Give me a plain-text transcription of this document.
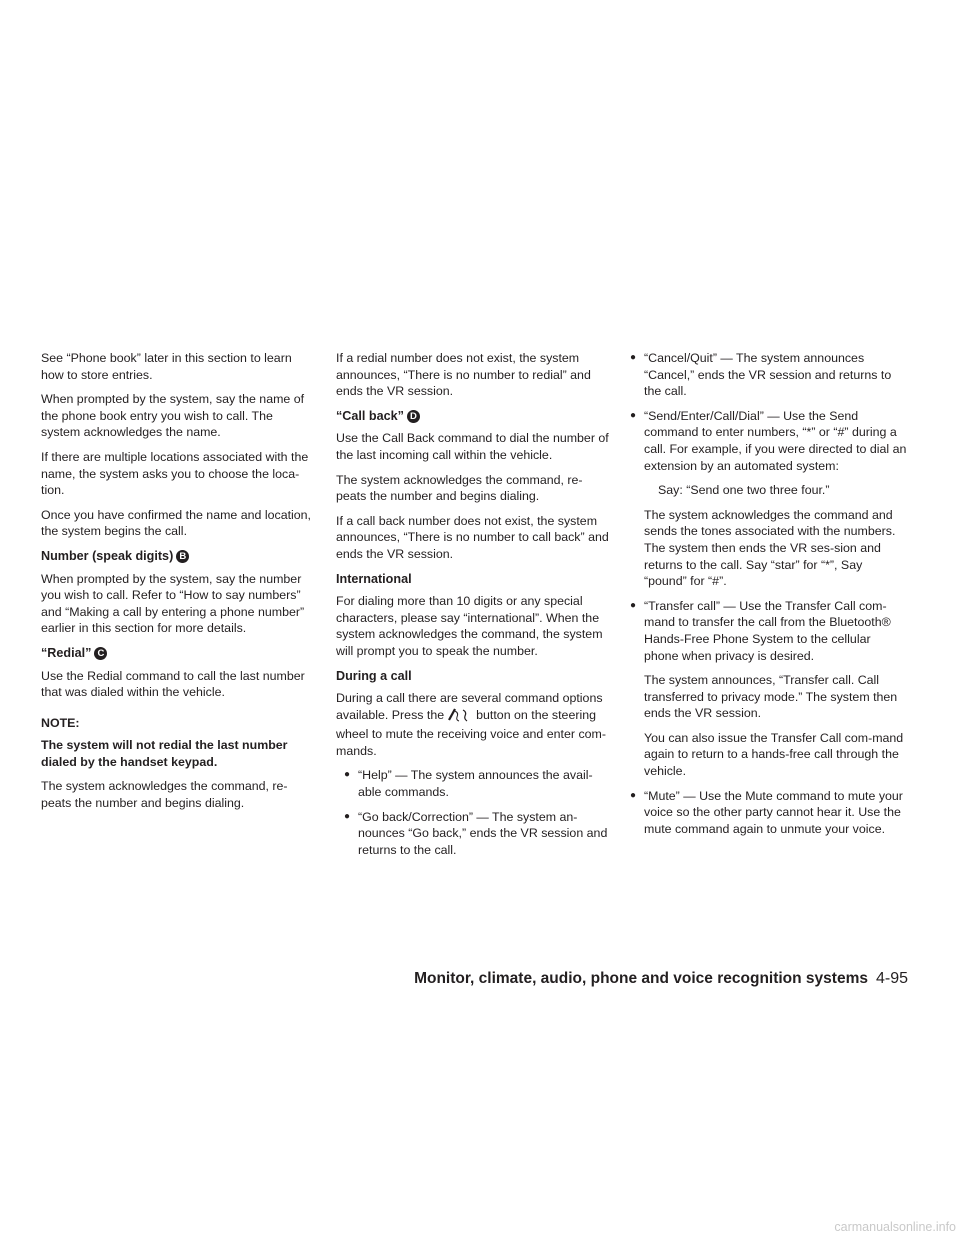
See “Phone book” later in this section to learn how to store entries.

When prompted by the system, say the name of the phone book entry you wish to call. The system acknowledges the name.

If there are multiple locations associated with the name, the system asks you to choose the loca-tion.

Once you have confirmed the name and location, the system begins the call.

Number (speak digits) B

When prompted by the system, say the number you wish to call. Refer to “How to say numbers” and “Making a call by entering a phone number” earlier in this section for more details.

“Redial” C

Use the Redial command to call the last number that was dialed within the vehicle.

NOTE:

The system will not redial the last number dialed by the handset keypad.

The system acknowledges the command, re-peats the number and begins dialing.

If a redial number does not exist, the system announces, “There is no number to redial” and ends the VR session.

“Call back” D

Use the Call Back command to dial the number of the last incoming call within the vehicle.

The system acknowledges the command, re-peats the number and begins dialing.

If a call back number does not exist, the system announces, “There is no number to call back” and ends the VR session.

International

For dialing more than 10 digits or any special characters, please say “international”. When the system acknowledges the command, the system will prompt you to speak the number.

During a call

During a call there are several command options available. Press the	button on the steering wheel to mute the receiving voice and enter com-mands.

● “Help” — The system announces the avail-able commands.
● “Go back/Correction” — The system an-nounces “Go back,” ends the VR session and returns to the call.
● “Cancel/Quit” — The system announces “Cancel,” ends the VR session and returns to the call.
● “Send/Enter/Call/Dial” — Use the Send command to enter numbers, “*” or “#” during a call. For example, if you were directed to dial an extension by an automated system:

Say: “Send one two three four.”

The system acknowledges the command and sends the tones associated with the numbers. The system then ends the VR ses-sion and returns to the call. Say “star” for “*”, Say “pound” for “#”.

● “Transfer call” — Use the Transfer Call com-mand to transfer the call from the Bluetooth® Hands-Free Phone System to the cellular phone when privacy is desired.

The system announces, “Transfer call. Call transferred to privacy mode.” The system then ends the VR session.

You can also issue the Transfer Call com-mand again to return to a hands-free call through the vehicle.

● “Mute” — Use the Mute command to mute your voice so the other party cannot hear it. Use the mute command again to unmute your voice.
Monitor, climate, audio, phone and voice recognition systems 4-95
carmanualsonline.info
